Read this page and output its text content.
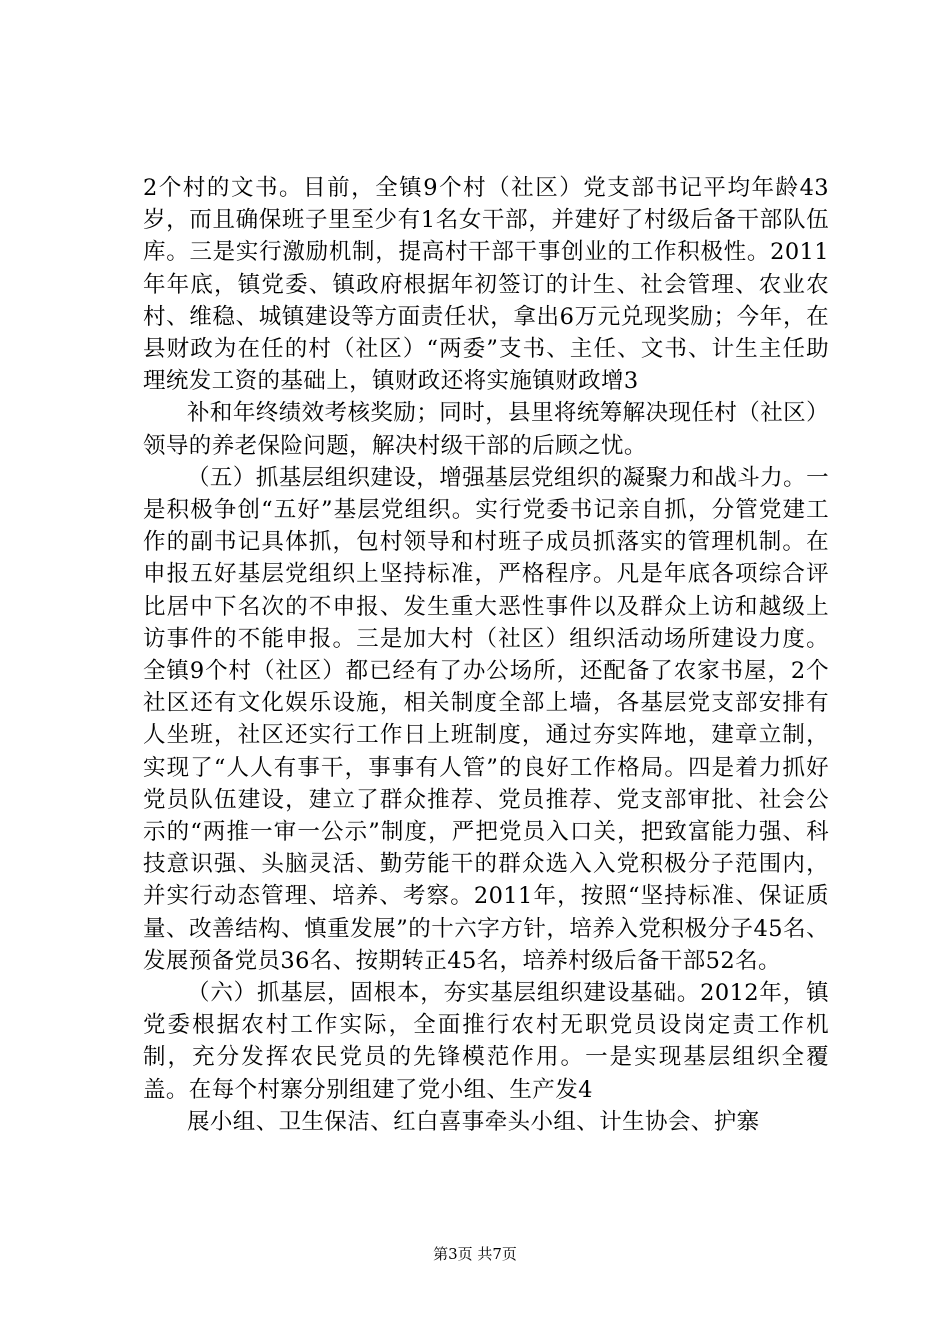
2个村的文书。目前，全镇9个村（社区）党支部书记平均年龄43岁，而且确保班子里至少有1名女干部，并建好了村级后备干部队伍库。三是实行激励机制，提高村干部干事创业的工作积极性。2011年年底，镇党委、镇政府根据年初签订的计生、社会管理、农业农村、维稳、城镇建设等方面责任状，拿出6万元兑现奖励；今年，在县财政为在任的村（社区）“两委”支书、主任、文书、计生主任助理统发工资的基础上，镇财政还将实施镇财政增3

补和年终绩效考核奖励；同时，县里将统筹解决现任村（社区）领导的养老保险问题，解决村级干部的后顾之忧。

（五）抓基层组织建设，增强基层党组织的凝聚力和战斗力。一是积极争创“五好”基层党组织。实行党委书记亲自抓，分管党建工作的副书记具体抓，包村领导和村班子成员抓落实的管理机制。在申报五好基层党组织上坚持标准，严格程序。凡是年底各项综合评比居中下名次的不申报、发生重大恶性事件以及群众上访和越级上访事件的不能申报。三是加大村（社区）组织活动场所建设力度。全镇9个村（社区）都已经有了办公场所，还配备了农家书屋，2个社区还有文化娱乐设施，相关制度全部上墙，各基层党支部安排有人坐班，社区还实行工作日上班制度，通过夯实阵地，建章立制，实现了“人人有事干，事事有人管”的良好工作格局。四是着力抓好党员队伍建设，建立了群众推荐、党员推荐、党支部审批、社会公示的“两推一审一公示”制度，严把党员入口关，把致富能力强、科技意识强、头脑灵活、勤劳能干的群众选入入党积极分子范围内，并实行动态管理、培养、考察。2011年，按照“坚持标准、保证质量、改善结构、慎重发展”的十六字方针，培养入党积极分子45名、发展预备党员36名、按期转正45名，培养村级后备干部52名。

（六）抓基层，固根本，夯实基层组织建设基础。2012年，镇党委根据农村工作实际，全面推行农村无职党员设岗定责工作机制，充分发挥农民党员的先锋模范作用。一是实现基层组织全覆盖。在每个村寨分别组建了党小组、生产发4

展小组、卫生保洁、红白喜事牵头小组、计生协会、护寨

第3页 共7页
